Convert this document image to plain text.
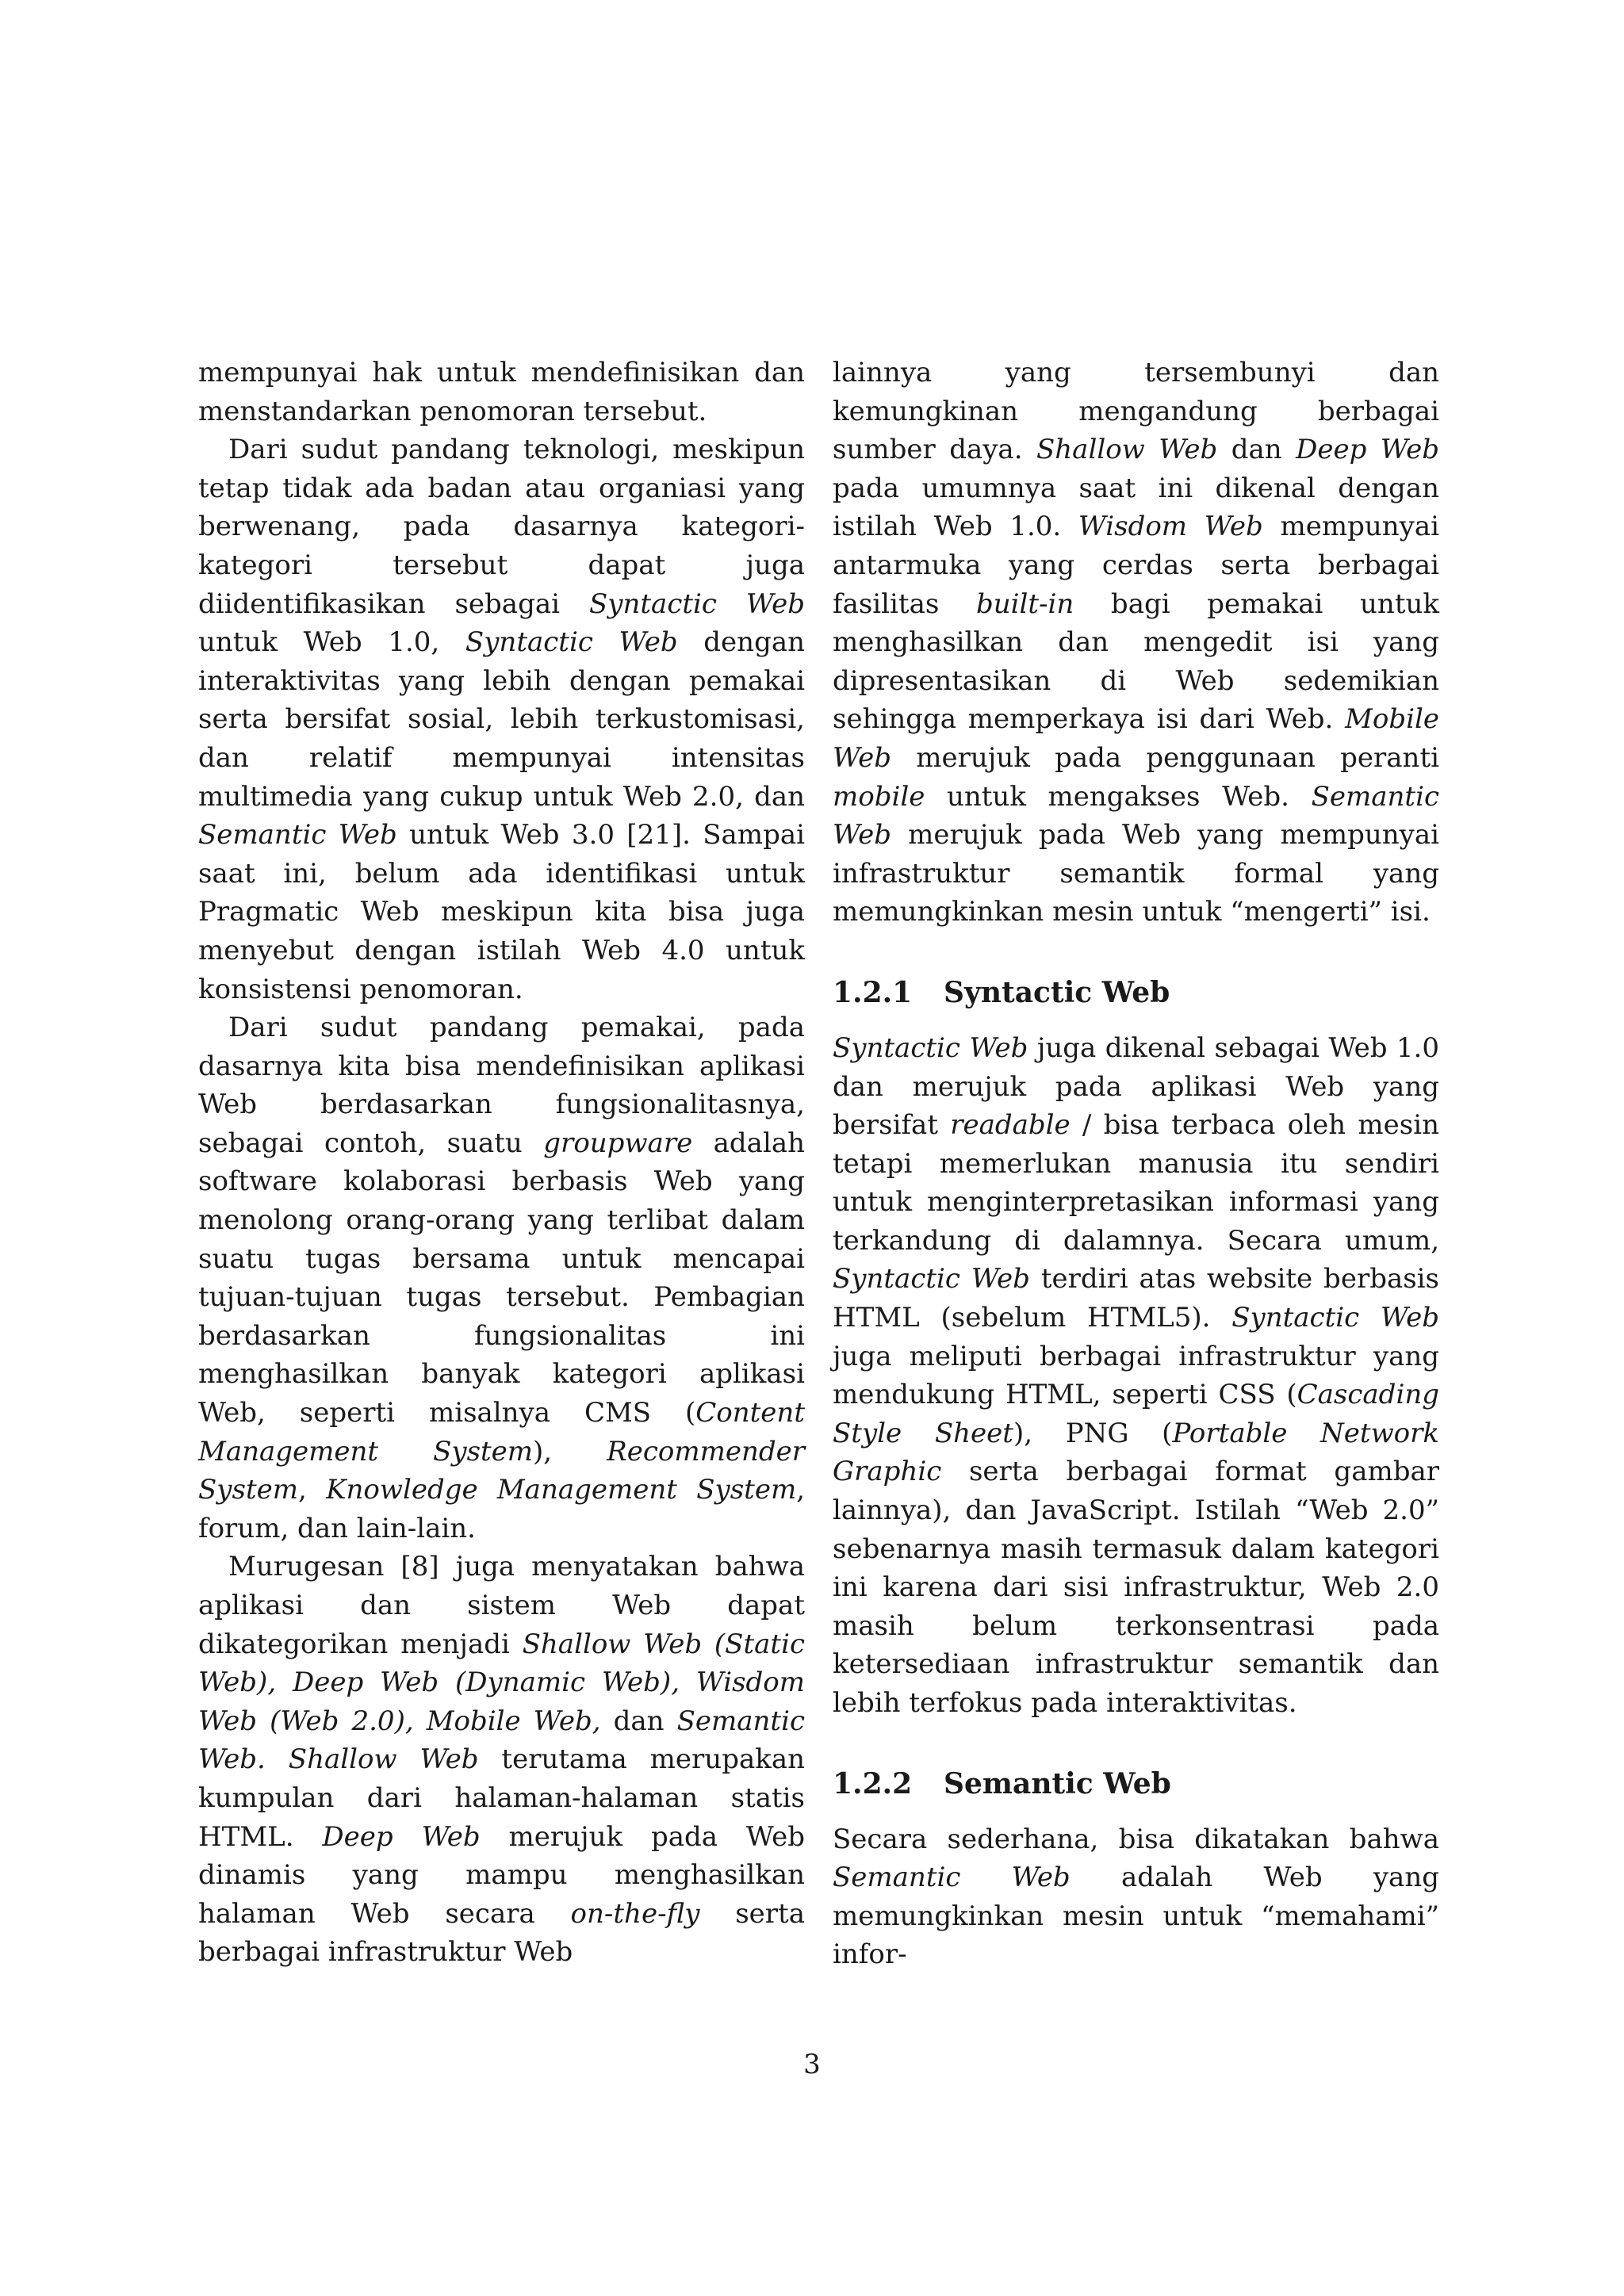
mempunyai hak untuk mendefinisikan dan menstandarkan penomoran tersebut.

Dari sudut pandang teknologi, meskipun tetap tidak ada badan atau organiasi yang berwenang, pada dasarnya kategori-kategori tersebut dapat juga diidentifikasikan sebagai Syntactic Web untuk Web 1.0, Syntactic Web dengan interaktivitas yang lebih dengan pemakai serta bersifat sosial, lebih terkustomisasi, dan relatif mempunyai intensitas multimedia yang cukup untuk Web 2.0, dan Semantic Web untuk Web 3.0 [21]. Sampai saat ini, belum ada identifikasi untuk Pragmatic Web meskipun kita bisa juga menyebut dengan istilah Web 4.0 untuk konsistensi penomoran.

Dari sudut pandang pemakai, pada dasarnya kita bisa mendefinisikan aplikasi Web berdasarkan fungsionalitasnya, sebagai contoh, suatu groupware adalah software kolaborasi berbasis Web yang menolong orang-orang yang terlibat dalam suatu tugas bersama untuk mencapai tujuan-tujuan tugas tersebut. Pembagian berdasarkan fungsionalitas ini menghasilkan banyak kategori aplikasi Web, seperti misalnya CMS (Content Management System), Recommender System, Knowledge Management System, forum, dan lain-lain.

Murugesan [8] juga menyatakan bahwa aplikasi dan sistem Web dapat dikategorikan menjadi Shallow Web (Static Web), Deep Web (Dynamic Web), Wisdom Web (Web 2.0), Mobile Web, dan Semantic Web. Shallow Web terutama merupakan kumpulan dari halaman-halaman statis HTML. Deep Web merujuk pada Web dinamis yang mampu menghasilkan halaman Web secara on-the-fly serta berbagai infrastruktur Web

lainnya yang tersembunyi dan kemungkinan mengandung berbagai sumber daya. Shallow Web dan Deep Web pada umumnya saat ini dikenal dengan istilah Web 1.0. Wisdom Web mempunyai antarmuka yang cerdas serta berbagai fasilitas built-in bagi pemakai untuk menghasilkan dan mengedit isi yang dipresentasikan di Web sedemikian sehingga memperkaya isi dari Web. Mobile Web merujuk pada penggunaan peranti mobile untuk mengakses Web. Semantic Web merujuk pada Web yang mempunyai infrastruktur semantik formal yang memungkinkan mesin untuk “mengerti” isi.

1.2.1 Syntactic Web

Syntactic Web juga dikenal sebagai Web 1.0 dan merujuk pada aplikasi Web yang bersifat readable / bisa terbaca oleh mesin tetapi memerlukan manusia itu sendiri untuk menginterpretasikan informasi yang terkandung di dalamnya. Secara umum, Syntactic Web terdiri atas website berbasis HTML (sebelum HTML5). Syntactic Web juga meliputi berbagai infrastruktur yang mendukung HTML, seperti CSS (Cascading Style Sheet), PNG (Portable Network Graphic serta berbagai format gambar lainnya), dan JavaScript. Istilah “Web 2.0” sebenarnya masih termasuk dalam kategori ini karena dari sisi infrastruktur, Web 2.0 masih belum terkonsentrasi pada ketersediaan infrastruktur semantik dan lebih terfokus pada interaktivitas.

1.2.2 Semantic Web

Secara sederhana, bisa dikatakan bahwa Semantic Web adalah Web yang memungkinkan mesin untuk “memahami” infor-

3
